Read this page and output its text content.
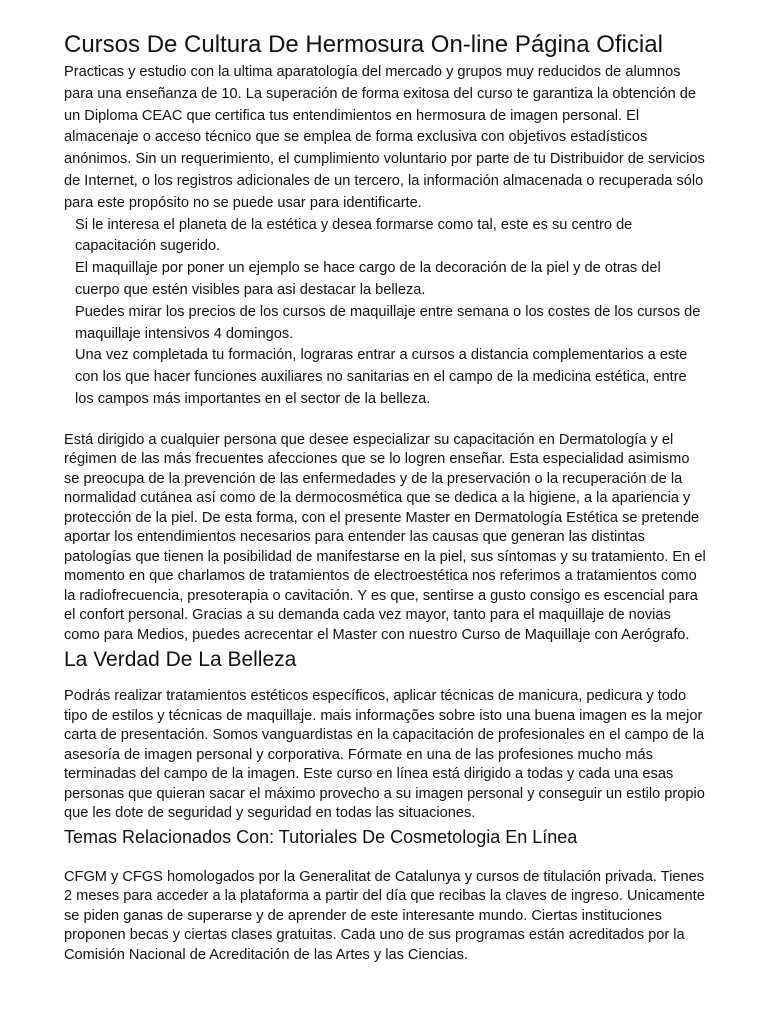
Cursos De Cultura De Hermosura On-line Página Oficial

Practicas y estudio con la ultima aparatología del mercado y grupos muy reducidos de alumnos para una enseñanza de 10. La superación de forma exitosa del curso te garantiza la obtención de un Diploma CEAC que certifica tus entendimientos en hermosura de imagen personal. El almacenaje o acceso técnico que se emplea de forma exclusiva con objetivos estadísticos anónimos. Sin un requerimiento, el cumplimiento voluntario por parte de tu Distribuidor de servicios de Internet, o los registros adicionales de un tercero, la información almacenada o recuperada sólo para este propósito no se puede usar para identificarte.

Si le interesa el planeta de la estética y desea formarse como tal, este es su centro de capacitación sugerido.

El maquillaje por poner un ejemplo se hace cargo de la decoración de la piel y de otras del cuerpo que estén visibles para asi destacar la belleza.

Puedes mirar los precios de los cursos de maquillaje entre semana o los costes de los cursos de maquillaje intensivos 4 domingos.

Una vez completada tu formación, lograras entrar a cursos a distancia complementarios a este con los que hacer funciones auxiliares no sanitarias en el campo de la medicina estética, entre los campos más importantes en el sector de la belleza.

Está dirigido a cualquier persona que desee especializar su capacitación en Dermatología y el régimen de las más frecuentes afecciones que se lo logren enseñar. Esta especialidad asimismo se preocupa de la prevención de las enfermedades y de la preservación o la recuperación de la normalidad cutánea así como de la dermocosmética que se dedica a la higiene, a la apariencia y protección de la piel. De esta forma, con el presente Master en Dermatología Estética se pretende aportar los entendimientos necesarios para entender las causas que generan las distintas patologías que tienen la posibilidad de manifestarse en la piel, sus síntomas y su tratamiento. En el momento en que charlamos de tratamientos de electroestética nos referimos a tratamientos como la radiofrecuencia, presoterapia o cavitación. Y es que, sentirse a gusto consigo es escencial para el confort personal. Gracias a su demanda cada vez mayor, tanto para el maquillaje de novias como para Medios, puedes acrecentar el Master con nuestro Curso de Maquillaje con Aerógrafo.

La Verdad De La Belleza

Podrás realizar tratamientos estéticos específicos, aplicar técnicas de manicura, pedicura y todo tipo de estilos y técnicas de maquillaje. mais informações sobre isto una buena imagen es la mejor carta de presentación. Somos vanguardistas en la capacitación de profesionales en el campo de la asesoría de imagen personal y corporativa. Fórmate en una de las profesiones mucho más terminadas del campo de la imagen. Este curso en línea está dirigido a todas y cada una esas personas que quieran sacar el máximo provecho a su imagen personal y conseguir un estilo propio que les dote de seguridad y seguridad en todas las situaciones.

Temas Relacionados Con: Tutoriales De Cosmetologia En Línea

CFGM y CFGS homologados por la Generalitat de Catalunya y cursos de titulación privada. Tienes 2 meses para acceder a la plataforma a partir del día que recibas la claves de ingreso. Unicamente se piden ganas de superarse y de aprender de este interesante mundo. Ciertas instituciones proponen becas y ciertas clases gratuitas. Cada uno de sus programas están acreditados por la Comisión Nacional de Acreditación de las Artes y las Ciencias.
